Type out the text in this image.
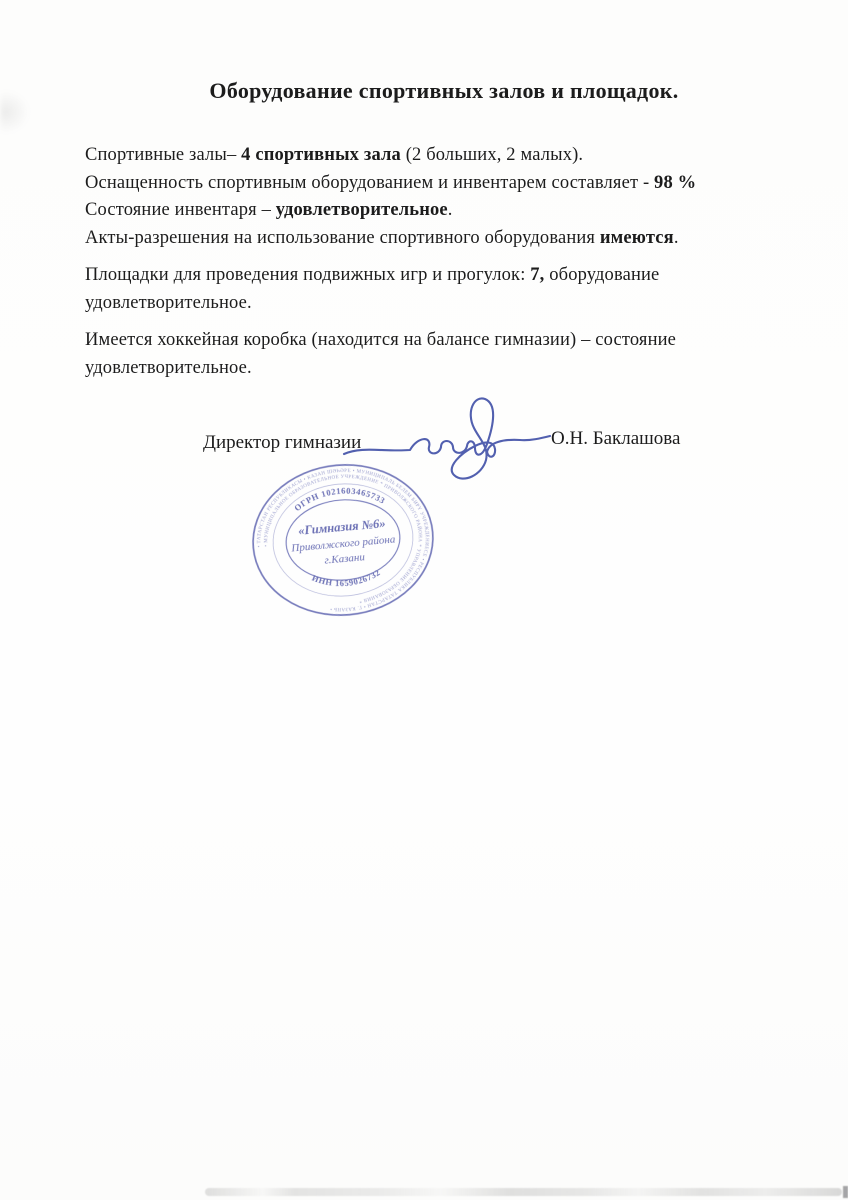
Оборудование спортивных залов и площадок.
Спортивные залы– 4 спортивных зала (2 больших, 2 малых).
Оснащенность спортивным оборудованием и инвентарем составляет - 98 %
Состояние инвентаря – удовлетворительное.
Акты-разрешения на использование спортивного оборудования имеются.
Площадки для проведения подвижных игр и прогулок: 7, оборудование
удовлетворительное.
Имеется хоккейная коробка (находится на балансе гимназии) – состояние
удовлетворительное.
Директор гимназии	О.Н. Баклашова
• ТАТАРСТАН РЕСПУБЛИКАСЫ • КАЗАН ШӘҺӘРЕ • МУНИЦИПАЛЬ БЕЛЕМ БИРҮ УЧРЕЖДЕНИЕСЕ • РЕСПУБЛИКА ТАТАРСТАН • Г. КАЗАНЬ •
• МУНИЦИПАЛЬНОЕ ОБРАЗОВАТЕЛЬНОЕ УЧРЕЖДЕНИЕ * ПРИВОЛЖСКОГО РАЙОНА * УПРАВЛЕНИЕ ОБРАЗОВАНИЯ *
ОГРН 1021603465733
ИНН 1659026732
«Гимназия №6»
Приволжского района
г.Казани
